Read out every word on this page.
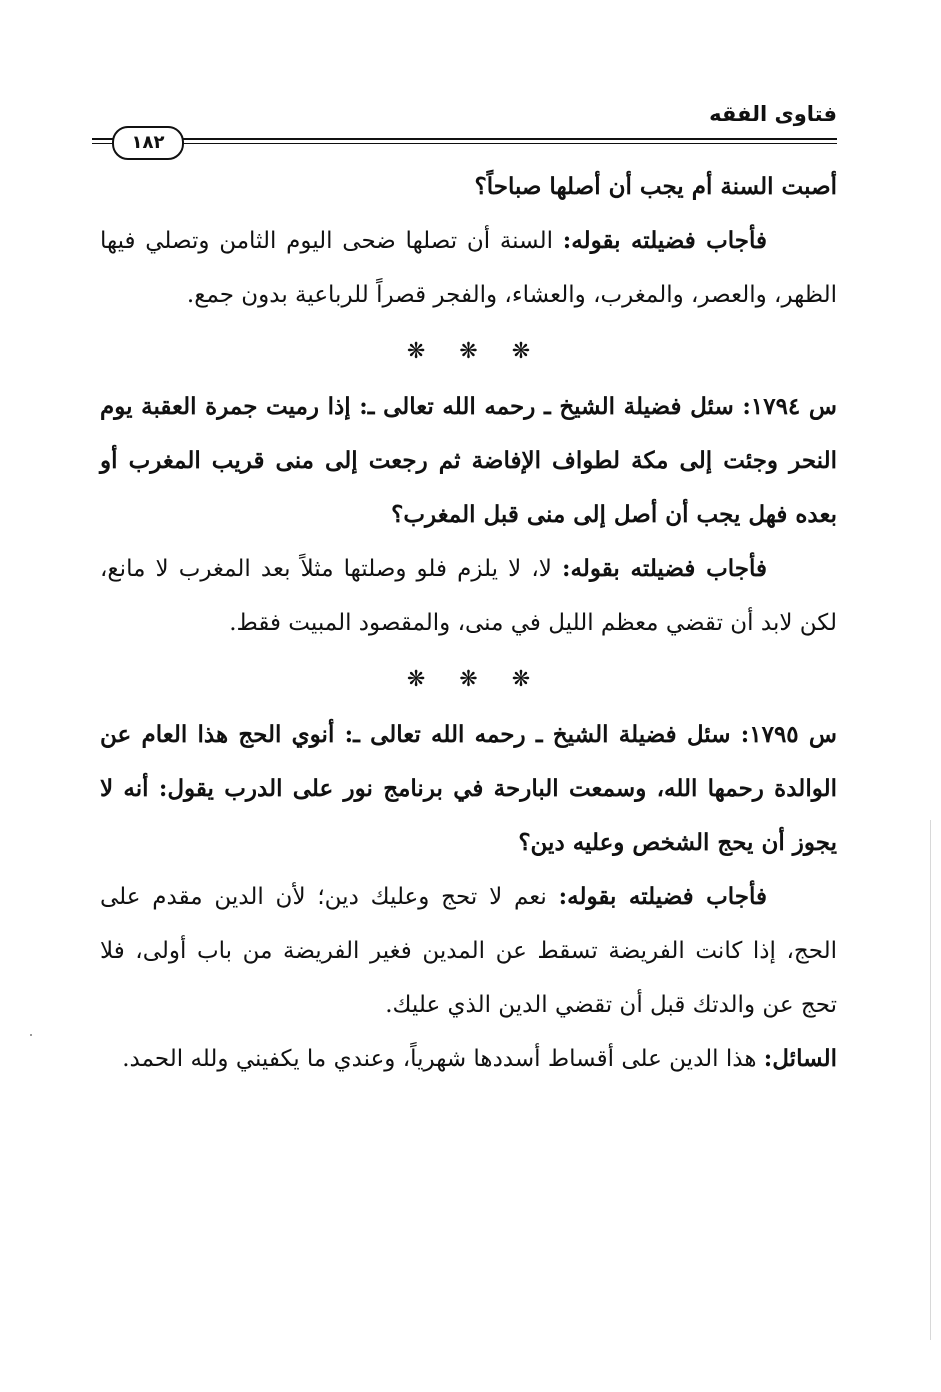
فتاوى الفقه
١٨٢

أصبت السنة أم يجب أن أصلها صباحاً؟

فأجاب فضيلته بقوله: السنة أن تصلها ضحى اليوم الثامن وتصلي فيها الظهر، والعصر، والمغرب، والعشاء، والفجر قصراً للرباعية بدون جمع.

❋ ❋ ❋

س ١٧٩٤: سئل فضيلة الشيخ ـ رحمه الله تعالى ـ: إذا رميت جمرة العقبة يوم النحر وجئت إلى مكة لطواف الإفاضة ثم رجعت إلى منى قريب المغرب أو بعده فهل يجب أن أصل إلى منى قبل المغرب؟

فأجاب فضيلته بقوله: لا، لا يلزم فلو وصلتها مثلاً بعد المغرب لا مانع، لكن لابد أن تقضي معظم الليل في منى، والمقصود المبيت فقط.

❋ ❋ ❋

س ١٧٩٥: سئل فضيلة الشيخ ـ رحمه الله تعالى ـ: أنوي الحج هذا العام عن الوالدة رحمها الله، وسمعت البارحة في برنامج نور على الدرب يقول: أنه لا يجوز أن يحج الشخص وعليه دين؟

فأجاب فضيلته بقوله: نعم لا تحج وعليك دين؛ لأن الدين مقدم على الحج، إذا كانت الفريضة تسقط عن المدين فغير الفريضة من باب أولى، فلا تحج عن والدتك قبل أن تقضي الدين الذي عليك.

السائل: هذا الدين على أقساط أسددها شهرياً، وعندي ما يكفيني ولله الحمد.
